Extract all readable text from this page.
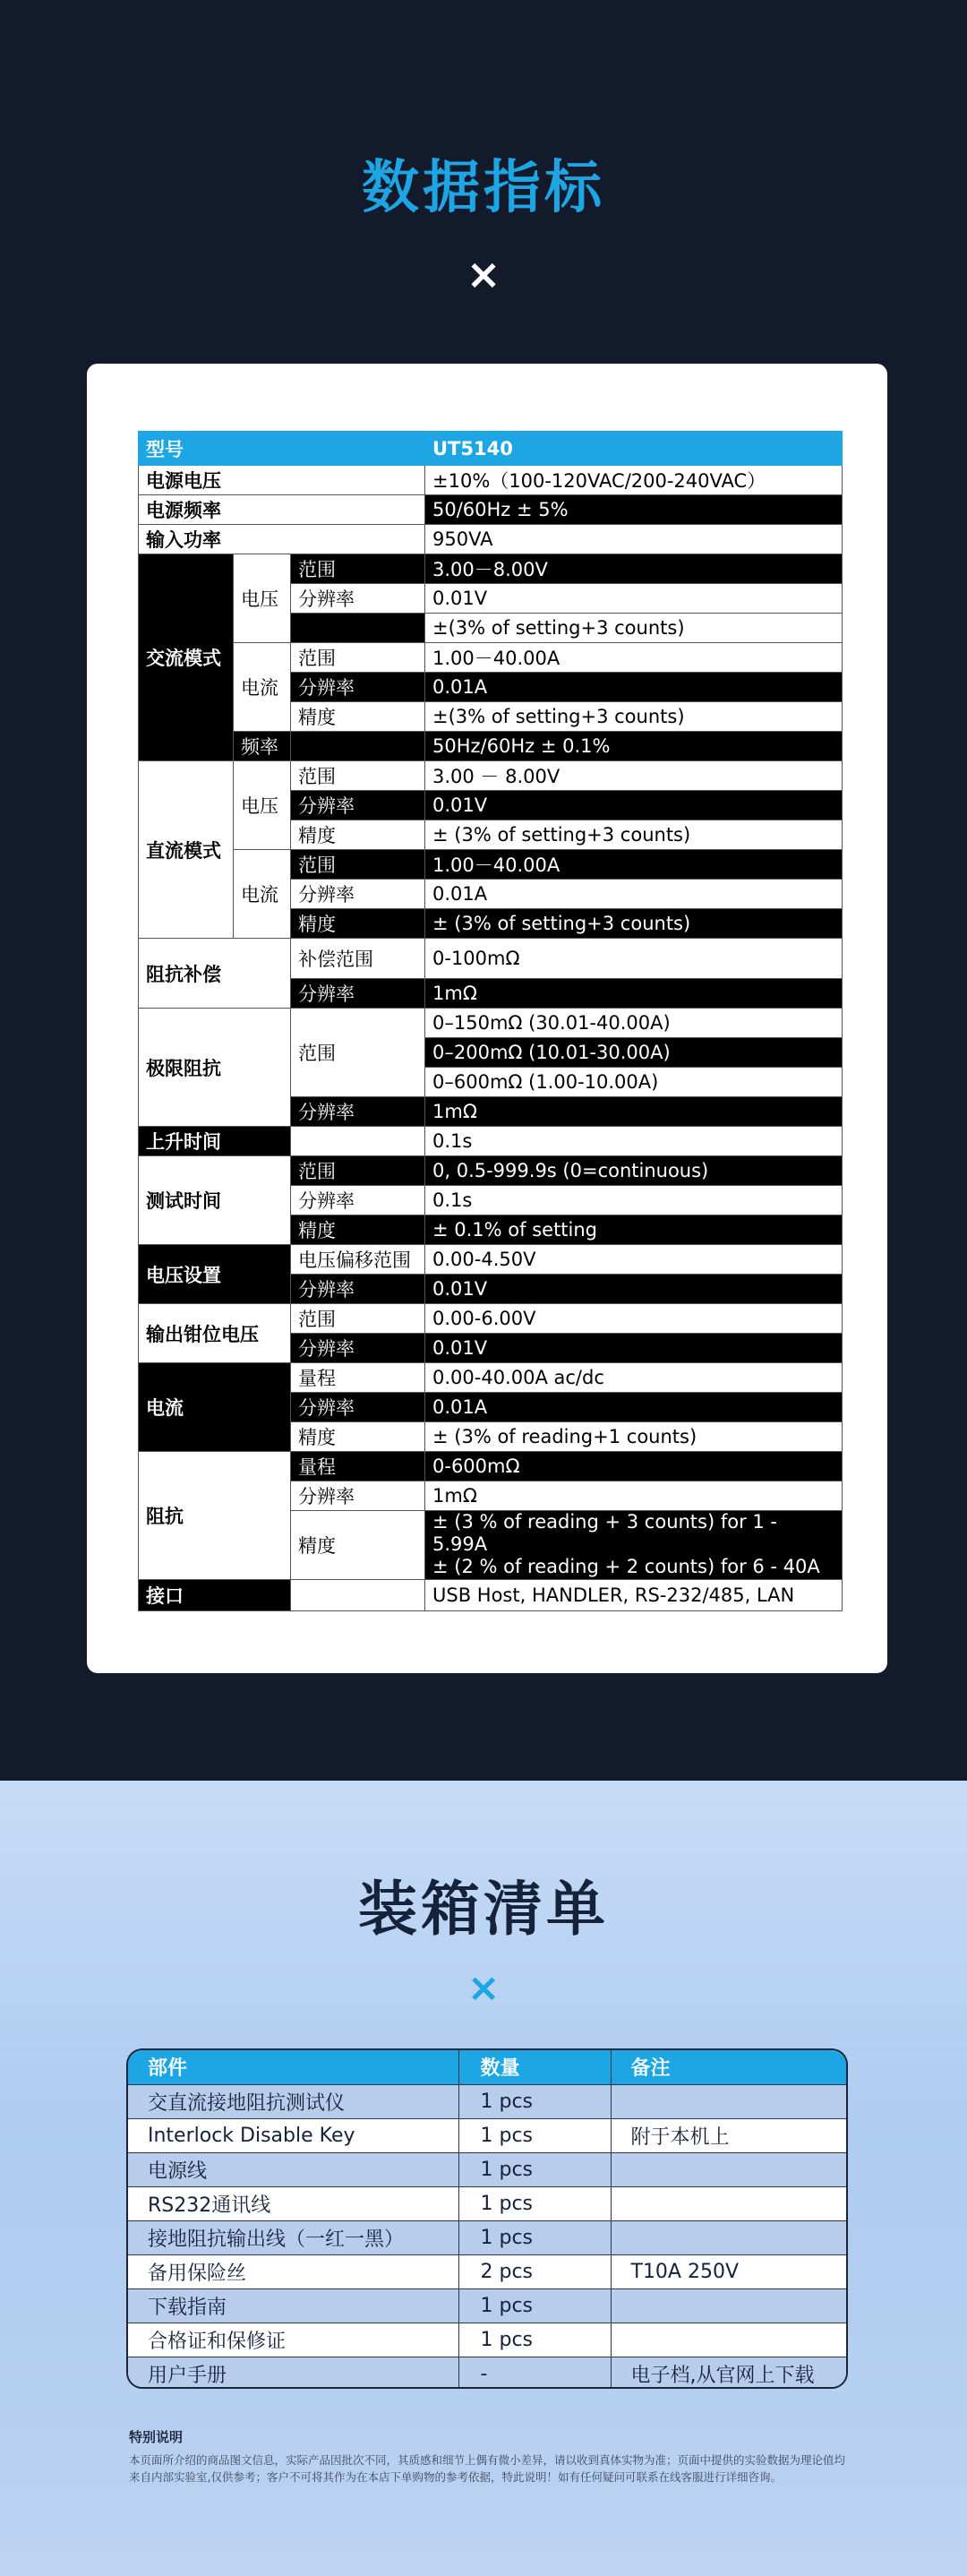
数据指标
×
型号			UT5140
电源电压			±10%（100-120VAC/200-240VAC）
电源频率			50/60Hz ± 5%
输入功率			950VA
交流模式	电压	范围	3.00－8.00V
		分辨率	0.01V
			±(3% of setting+3 counts)
	电流	范围	1.00－40.00A
		分辨率	0.01A
		精度	±(3% of setting+3 counts)
	频率		50Hz/60Hz ± 0.1%
直流模式	电压	范围	3.00 － 8.00V
		分辨率	0.01V
		精度	± (3% of setting+3 counts)
	电流	范围	1.00－40.00A
		分辨率	0.01A
		精度	± (3% of setting+3 counts)
阻抗补偿		补偿范围	0-100mΩ
		分辨率	1mΩ
极限阻抗		范围	0–150mΩ (30.01-40.00A)
			0–200mΩ (10.01-30.00A)
			0–600mΩ (1.00-10.00A)
		分辨率	1mΩ
上升时间			0.1s
测试时间		范围	0, 0.5-999.9s (0=continuous)
		分辨率	0.1s
		精度	± 0.1% of setting
电压设置		电压偏移范围	0.00-4.50V
		分辨率	0.01V
输出钳位电压		范围	0.00-6.00V
		分辨率	0.01V
电流		量程	0.00-40.00A ac/dc
		分辨率	0.01A
		精度	± (3% of reading+1 counts)
阻抗		量程	0-600mΩ
		分辨率	1mΩ
		精度	± (3 % of reading + 3 counts) for 1 - 5.99A
± (2 % of reading + 2 counts) for 6 - 40A

接口			USB Host, HANDLER, RS-232/485, LAN
装箱清单
×
部件	数量	备注
交直流接地阻抗测试仪	1 pcs	
Interlock Disable Key	1 pcs	附于本机上
电源线	1 pcs	
RS232通讯线	1 pcs	
接地阻抗输出线（一红一黑）	1 pcs	
备用保险丝	2 pcs	T10A 250V
下载指南	1 pcs	
合格证和保修证	1 pcs	
用户手册	-	电子档,从官网上下载
特别说明
本页面所介绍的商品图文信息，实际产品因批次不同，其质感和细节上偶有微小差异，请以收到真体实物为准；页面中提供的实验数据为理论值均来自内部实验室,仅供参考；客户不可将其作为在本店下单购物的参考依据，特此说明！如有任何疑问可联系在线客服进行详细咨询。
